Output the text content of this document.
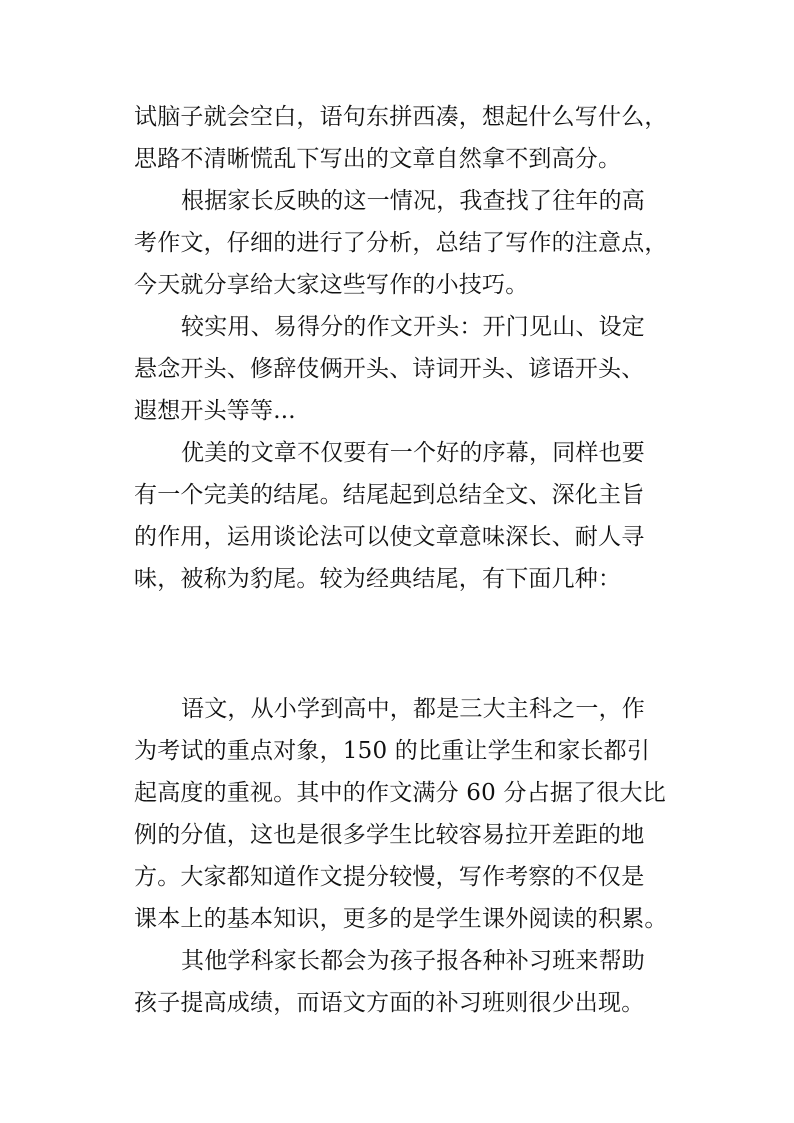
试脑子就会空白，语句东拼西凑，想起什么写什么，

思路不清晰慌乱下写出的文章自然拿不到高分。

根据家长反映的这一情况，我查找了往年的高

考作文，仔细的进行了分析，总结了写作的注意点，

今天就分享给大家这些写作的小技巧。

较实用、易得分的作文开头：开门见山、设定

悬念开头、修辞伎俩开头、诗词开头、谚语开头、

遐想开头等等...

优美的文章不仅要有一个好的序幕，同样也要

有一个完美的结尾。结尾起到总结全文、深化主旨

的作用，运用谈论法可以使文章意味深长、耐人寻

味，被称为豹尾。较为经典结尾，有下面几种：

语文，从小学到高中，都是三大主科之一，作

为考试的重点对象，150 的比重让学生和家长都引

起高度的重视。其中的作文满分 60 分占据了很大比

例的分值，这也是很多学生比较容易拉开差距的地

方。大家都知道作文提分较慢，写作考察的不仅是

课本上的基本知识，更多的是学生课外阅读的积累。

其他学科家长都会为孩子报各种补习班来帮助

孩子提高成绩，而语文方面的补习班则很少出现。
